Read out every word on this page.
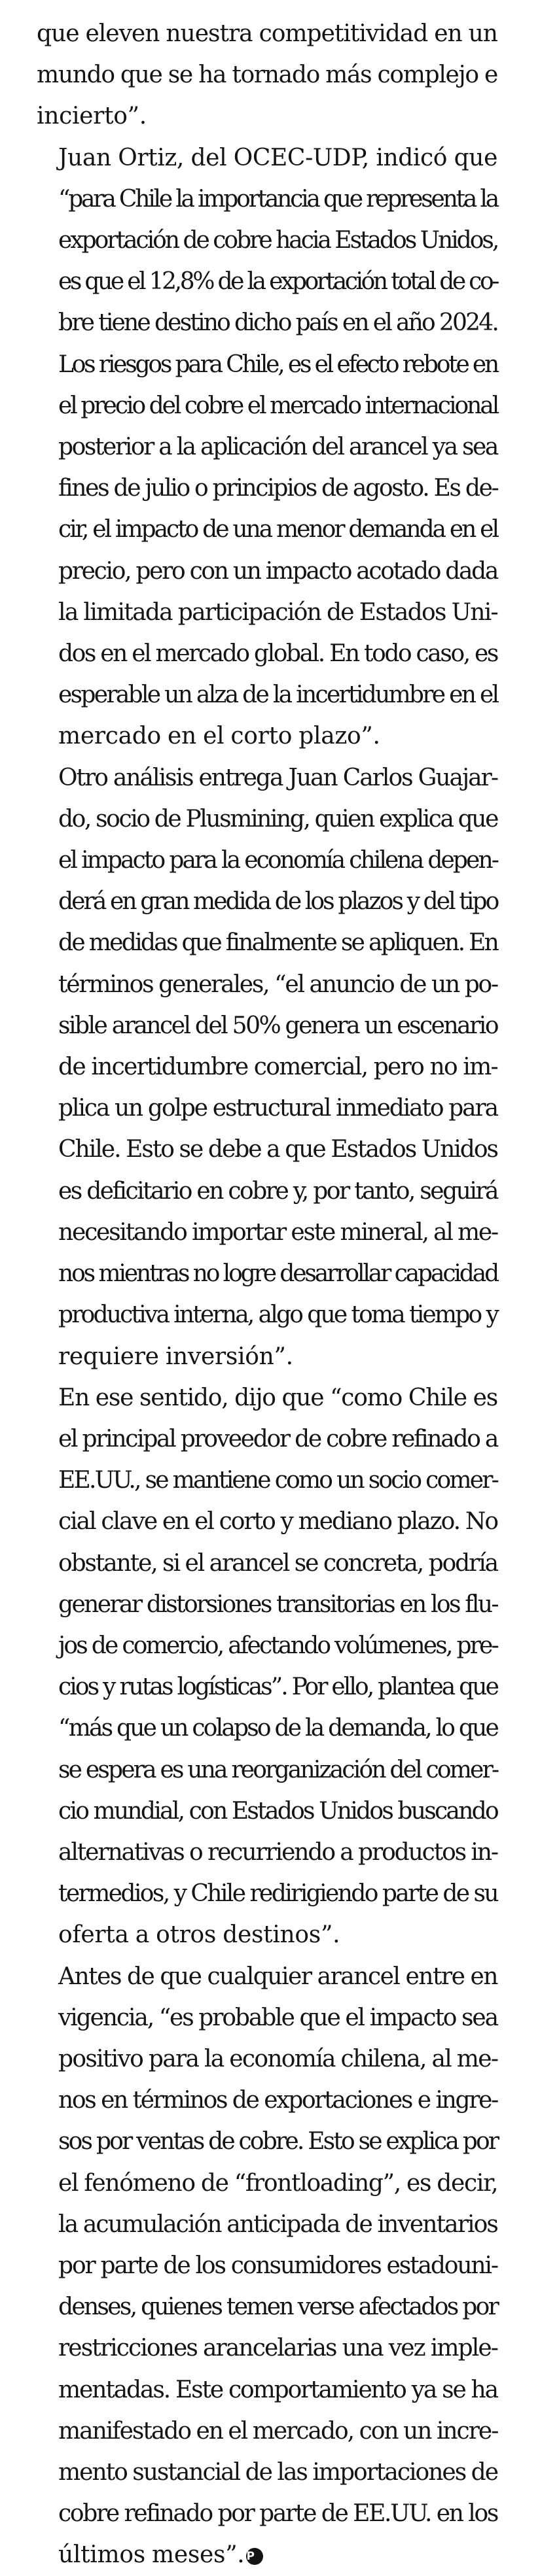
que eleven nuestra competitividad en un
mundo que se ha tornado más complejo e
incierto”.

Juan Ortiz, del OCEC-UDP, indicó que
“para Chile la importancia que representa la
exportación de cobre hacia Estados Unidos,
es que el 12,8% de la exportación total de co-
bre tiene destino dicho país en el año 2024.
Los riesgos para Chile, es el efecto rebote en
el precio del cobre el mercado internacional
posterior a la aplicación del arancel ya sea
fines de julio o principios de agosto. Es de-
cir, el impacto de una menor demanda en el
precio, pero con un impacto acotado dada
la limitada participación de Estados Uni-
dos en el mercado global. En todo caso, es
esperable un alza de la incertidumbre en el
mercado en el corto plazo”.

Otro análisis entrega Juan Carlos Guajar-
do, socio de Plusmining, quien explica que
el impacto para la economía chilena depen-
derá en gran medida de los plazos y del tipo
de medidas que finalmente se apliquen. En
términos generales, “el anuncio de un po-
sible arancel del 50% genera un escenario
de incertidumbre comercial, pero no im-
plica un golpe estructural inmediato para
Chile. Esto se debe a que Estados Unidos
es deficitario en cobre y, por tanto, seguirá
necesitando importar este mineral, al me-
nos mientras no logre desarrollar capacidad
productiva interna, algo que toma tiempo y
requiere inversión”.

En ese sentido, dijo que “como Chile es
el principal proveedor de cobre refinado a
EE.UU., se mantiene como un socio comer-
cial clave en el corto y mediano plazo. No
obstante, si el arancel se concreta, podría
generar distorsiones transitorias en los flu-
jos de comercio, afectando volúmenes, pre-
cios y rutas logísticas”. Por ello, plantea que
“más que un colapso de la demanda, lo que
se espera es una reorganización del comer-
cio mundial, con Estados Unidos buscando
alternativas o recurriendo a productos in-
termedios, y Chile redirigiendo parte de su
oferta a otros destinos”.

Antes de que cualquier arancel entre en
vigencia, “es probable que el impacto sea
positivo para la economía chilena, al me-
nos en términos de exportaciones e ingre-
sos por ventas de cobre. Esto se explica por
el fenómeno de “frontloading”, es decir,
la acumulación anticipada de inventarios
por parte de los consumidores estadouni-
denses, quienes temen verse afectados por
restricciones arancelarias una vez imple-
mentadas. Este comportamiento ya se ha
manifestado en el mercado, con un incre-
mento sustancial de las importaciones de
cobre refinado por parte de EE.UU. en los
últimos meses”. P
